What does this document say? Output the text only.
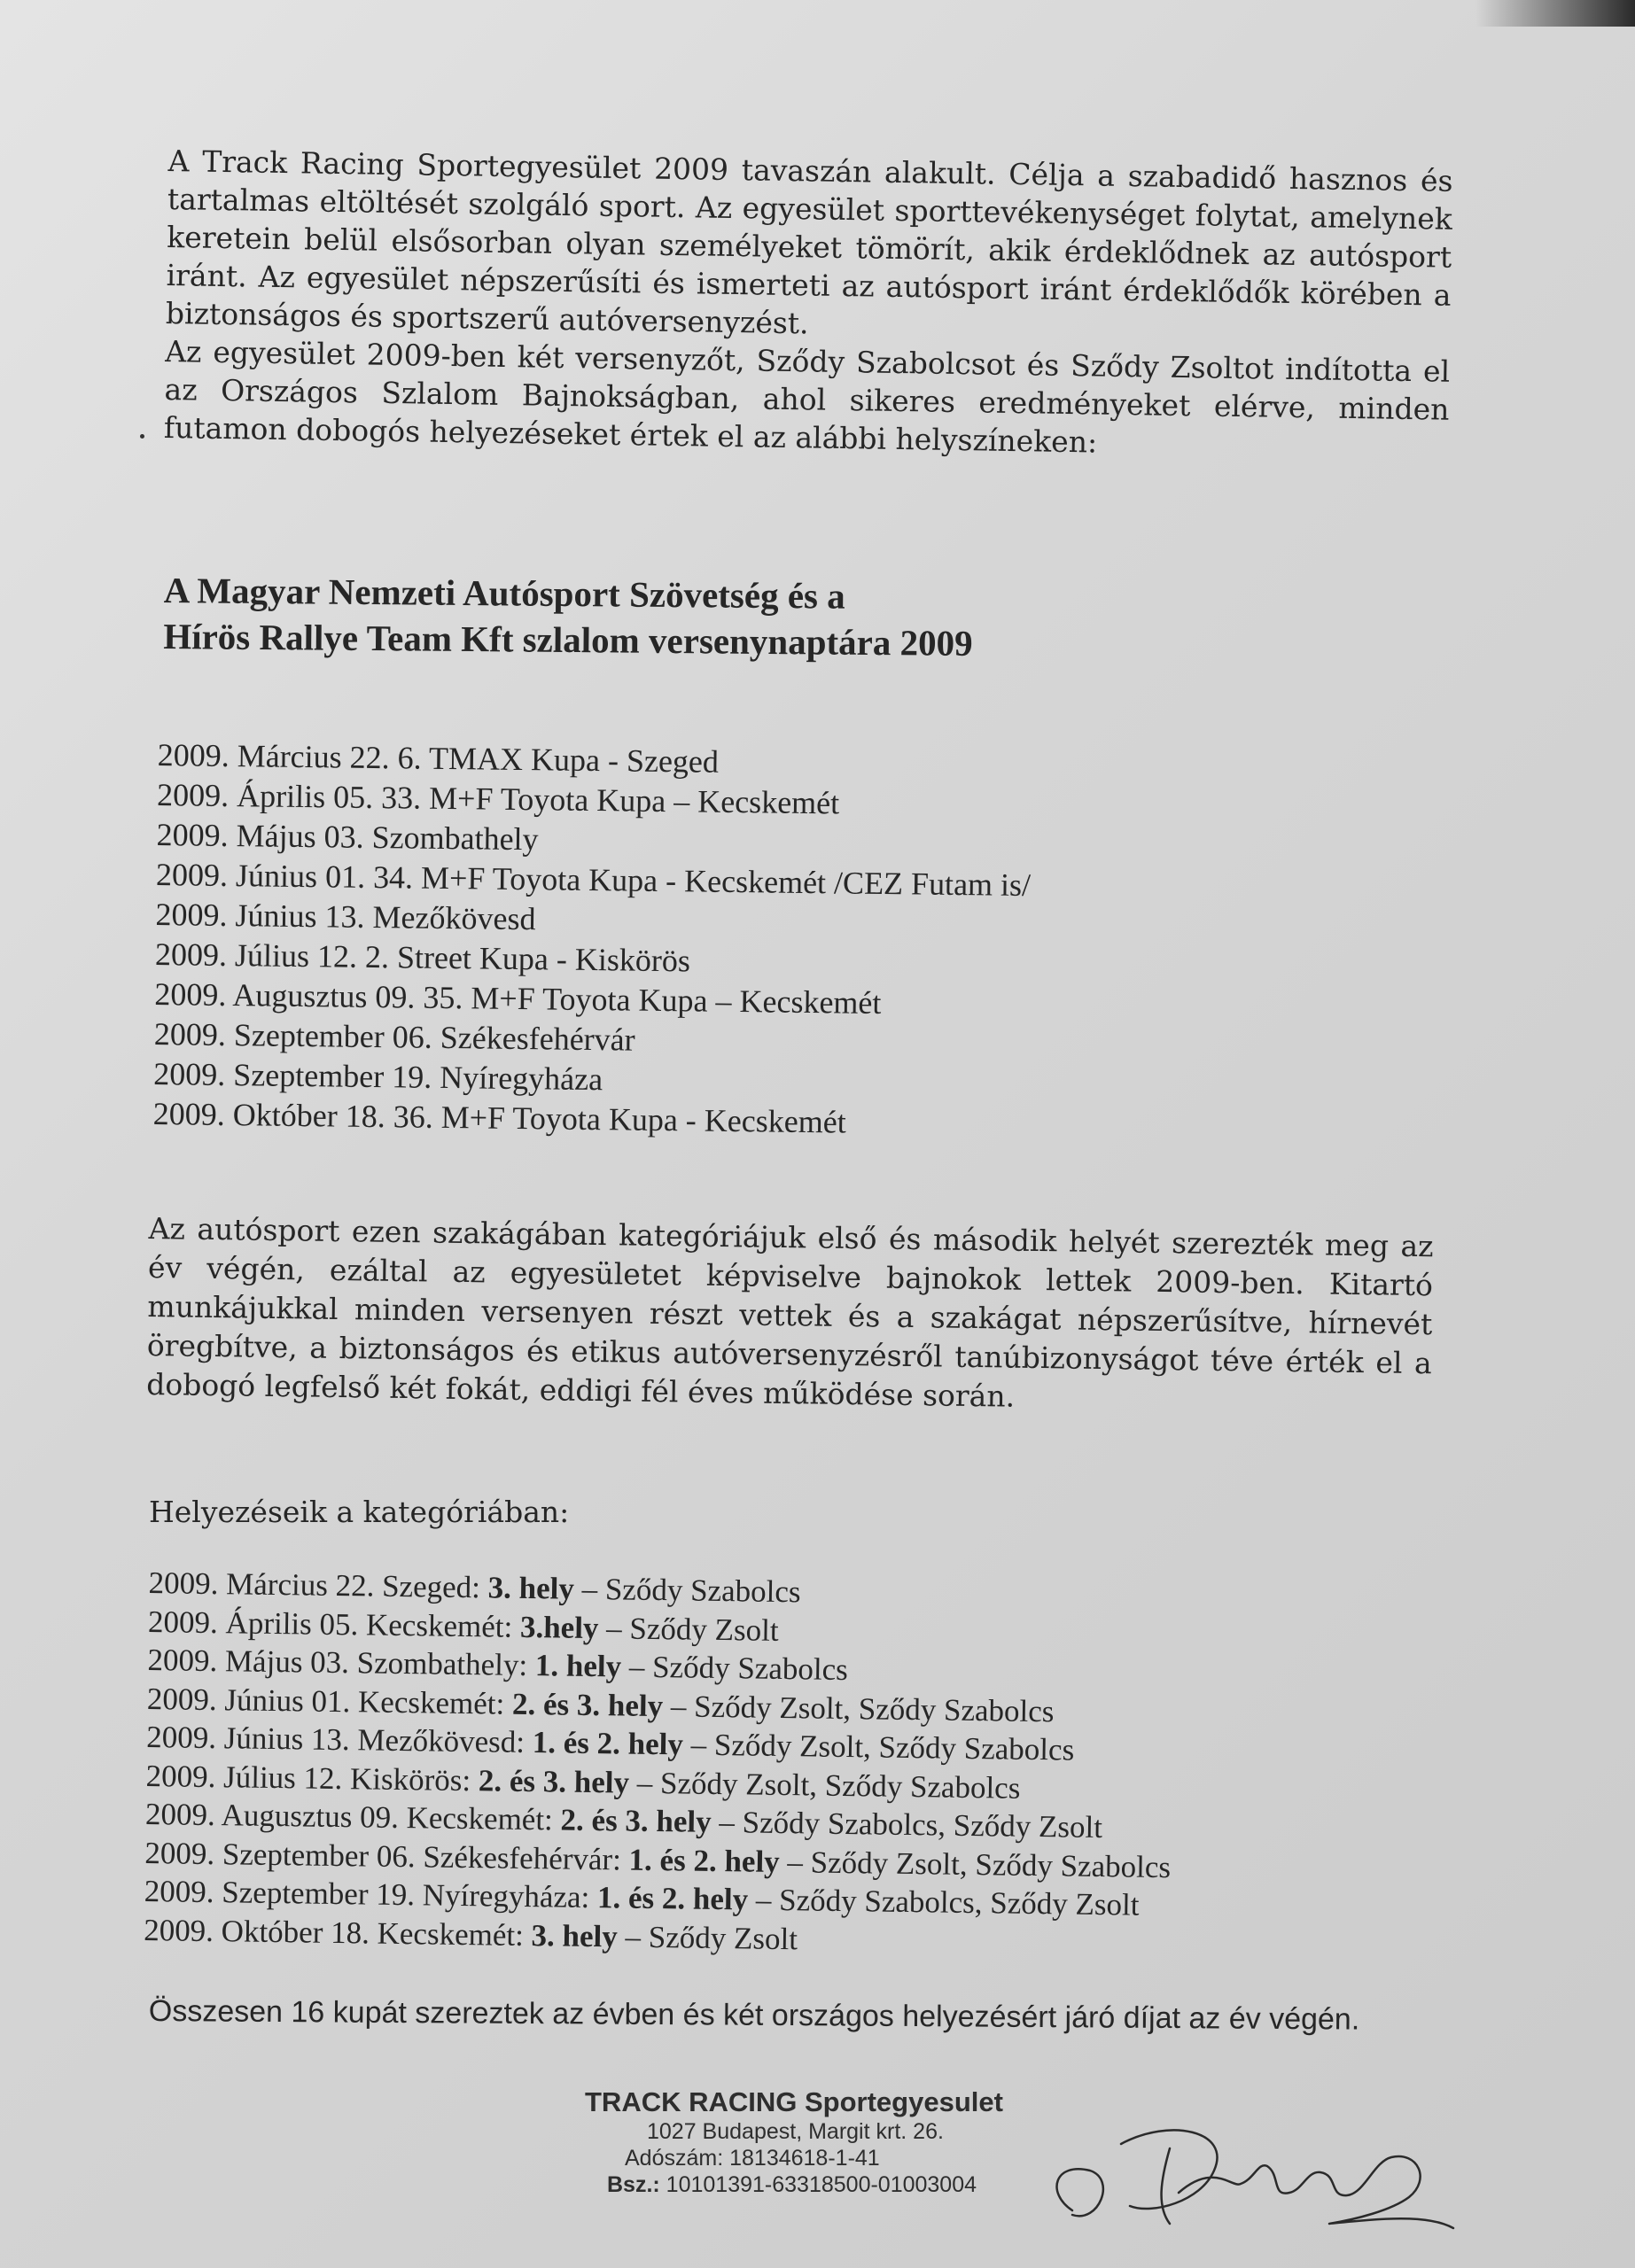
A Track Racing Sportegyesület 2009 tavaszán alakult. Célja a szabadidő hasznos és tartalmas eltöltését szolgáló sport. Az egyesület sporttevékenységet folytat, amelynek keretein belül elsősorban olyan személyeket tömörít, akik érdeklődnek az autósport iránt. Az egyesület népszerűsíti és ismerteti az autósport iránt érdeklődők körében a biztonságos és sportszerű autóversenyzést.

Az egyesület 2009-ben két versenyzőt, Sződy Szabolcsot és Sződy Zsoltot indította el az Országos Szlalom Bajnokságban, ahol sikeres eredményeket elérve, minden futamon dobogós helyezéseket értek el az alábbi helyszíneken:

A Magyar Nemzeti Autósport Szövetség és a
Hírös Rallye Team Kft szlalom versenynaptára 2009
2009. Március 22. 6. TMAX Kupa - Szeged
2009. Április 05. 33. M+F Toyota Kupa – Kecskemét
2009. Május 03. Szombathely
2009. Június 01. 34. M+F Toyota Kupa - Kecskemét /CEZ Futam is/
2009. Június 13. Mezőkövesd
2009. Július 12. 2. Street Kupa - Kiskörös
2009. Augusztus 09. 35. M+F Toyota Kupa – Kecskemét
2009. Szeptember 06. Székesfehérvár
2009. Szeptember 19. Nyíregyháza
2009. Október 18. 36. M+F Toyota Kupa - Kecskemét

Az autósport ezen szakágában kategóriájuk első és második helyét szerezték meg az év végén, ezáltal az egyesületet képviselve bajnokok lettek 2009-ben. Kitartó munkájukkal minden versenyen részt vettek és a szakágat népszerűsítve, hírnevét öregbítve, a biztonságos és etikus autóversenyzésről tanúbizonyságot téve érték el a dobogó legfelső két fokát, eddigi fél éves működése során.

Helyezéseik a kategóriában:
2009. Március 22. Szeged: 3. hely – Sződy Szabolcs
2009. Április 05. Kecskemét: 3.hely – Sződy Zsolt
2009. Május 03. Szombathely: 1. hely – Sződy Szabolcs
2009. Június 01. Kecskemét: 2. és 3. hely – Sződy Zsolt, Sződy Szabolcs
2009. Június 13. Mezőkövesd: 1. és 2. hely – Sződy Zsolt, Sződy Szabolcs
2009. Július 12. Kiskörös: 2. és 3. hely – Sződy Zsolt, Sződy Szabolcs
2009. Augusztus 09. Kecskemét: 2. és 3. hely – Sződy Szabolcs, Sződy Zsolt
2009. Szeptember 06. Székesfehérvár: 1. és 2. hely – Sződy Zsolt, Sződy Szabolcs
2009. Szeptember 19. Nyíregyháza: 1. és 2. hely – Sződy Szabolcs, Sződy Zsolt
2009. Október 18. Kecskemét: 3. hely – Sződy Zsolt
Összesen 16 kupát szereztek az évben és két országos helyezésért járó díjat az év végén.
TRACK RACING Sportegyesulet
1027 Budapest, Margit krt. 26.
Adószám: 18134618-1-41
Bsz.: 10101391-63318500-01003004
